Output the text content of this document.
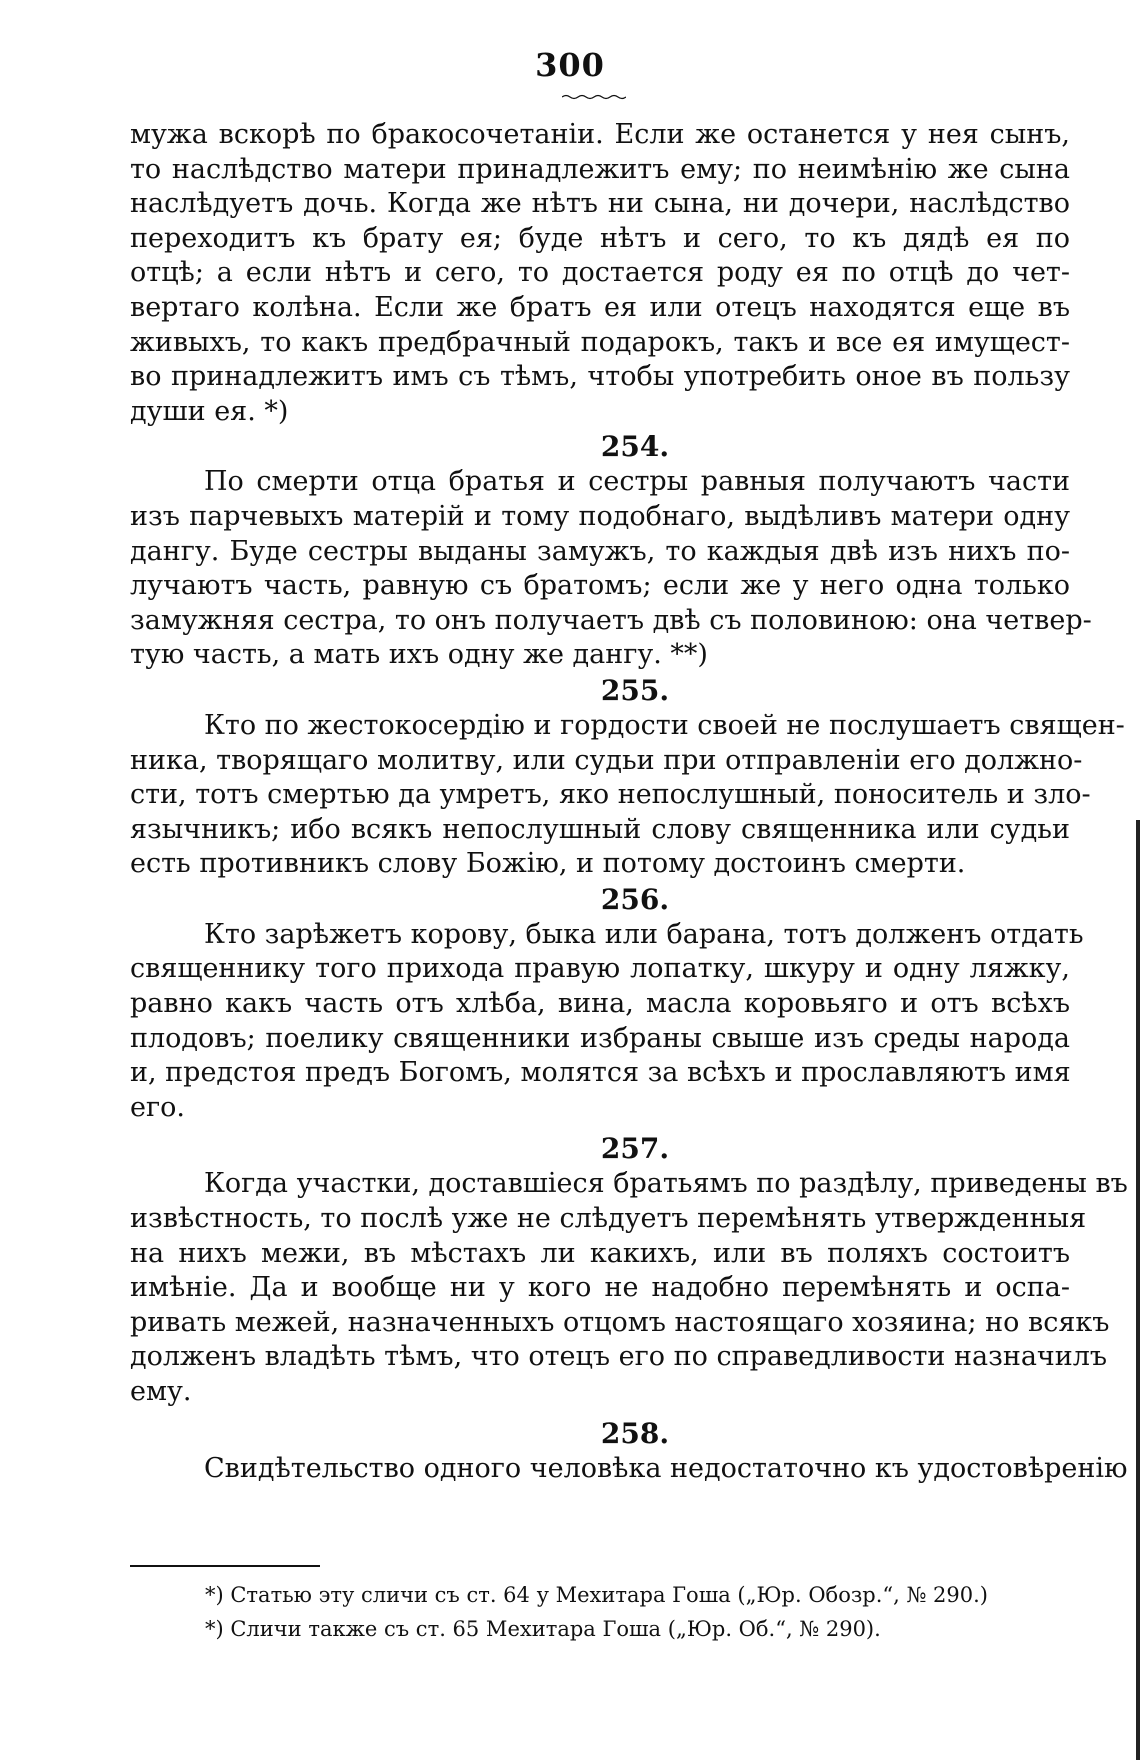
300
мужа вскорѣ по бракосочетаніи. Если же останется у нея сынъ,
то наслѣдство матери принадлежитъ ему; по неимѣнію же сына
наслѣдуетъ дочь. Когда же нѣтъ ни сына, ни дочери, наслѣдство
переходитъ къ брату ея; буде нѣтъ и сего, то къ дядѣ ея по
отцѣ; а если нѣтъ и сего, то достается роду ея по отцѣ до чет-
вертаго колѣна. Если же братъ ея или отецъ находятся еще въ
живыхъ, то какъ предбрачный подарокъ, такъ и все ея имущест-
во принадлежитъ имъ съ тѣмъ, чтобы употребить оное въ пользу
души ея. *)
254.
По смерти отца братья и сестры равныя получаютъ части
изъ парчевыхъ матерій и тому подобнаго, выдѣливъ матери одну
дангу. Буде сестры выданы замужъ, то каждыя двѣ изъ нихъ по-
лучаютъ часть, равную съ братомъ; если же у него одна только
замужняя сестра, то онъ получаетъ двѣ съ половиною: она четвер-
тую часть, а мать ихъ одну же дангу. **)
255.
Кто по жестокосердію и гордости своей не послушаетъ священ-
ника, творящаго молитву, или судьи при отправленіи его должно-
сти, тотъ смертью да умретъ, яко непослушный, поноситель и зло-
язычникъ; ибо всякъ непослушный слову священника или судьи
есть противникъ слову Божію, и потому достоинъ смерти.
256.
Кто зарѣжетъ корову, быка или барана, тотъ долженъ отдать
священнику того прихода правую лопатку, шкуру и одну ляжку,
равно какъ часть отъ хлѣба, вина, масла коровьяго и отъ всѣхъ
плодовъ; поелику священники избраны свыше изъ среды народа
и, предстоя предъ Богомъ, молятся за всѣхъ и прославляютъ имя
его.
257.
Когда участки, доставшіеся братьямъ по раздѣлу, приведены въ
извѣстность, то послѣ уже не слѣдуетъ перемѣнять утвержденныя
на нихъ межи, въ мѣстахъ ли какихъ, или въ поляхъ состоитъ
имѣніе. Да и вообще ни у кого не надобно перемѣнять и оспа-
ривать межей, назначенныхъ отцомъ настоящаго хозяина; но всякъ
долженъ владѣть тѣмъ, что отецъ его по справедливости назначилъ
ему.
258.
Свидѣтельство одного человѣка недостаточно къ удостовѣренію
*) Статью эту сличи съ ст. 64 у Мехитара Гоша („Юр. Обозр.“, № 290.)
*) Сличи также съ ст. 65 Мехитара Гоша („Юр. Об.“, № 290).
